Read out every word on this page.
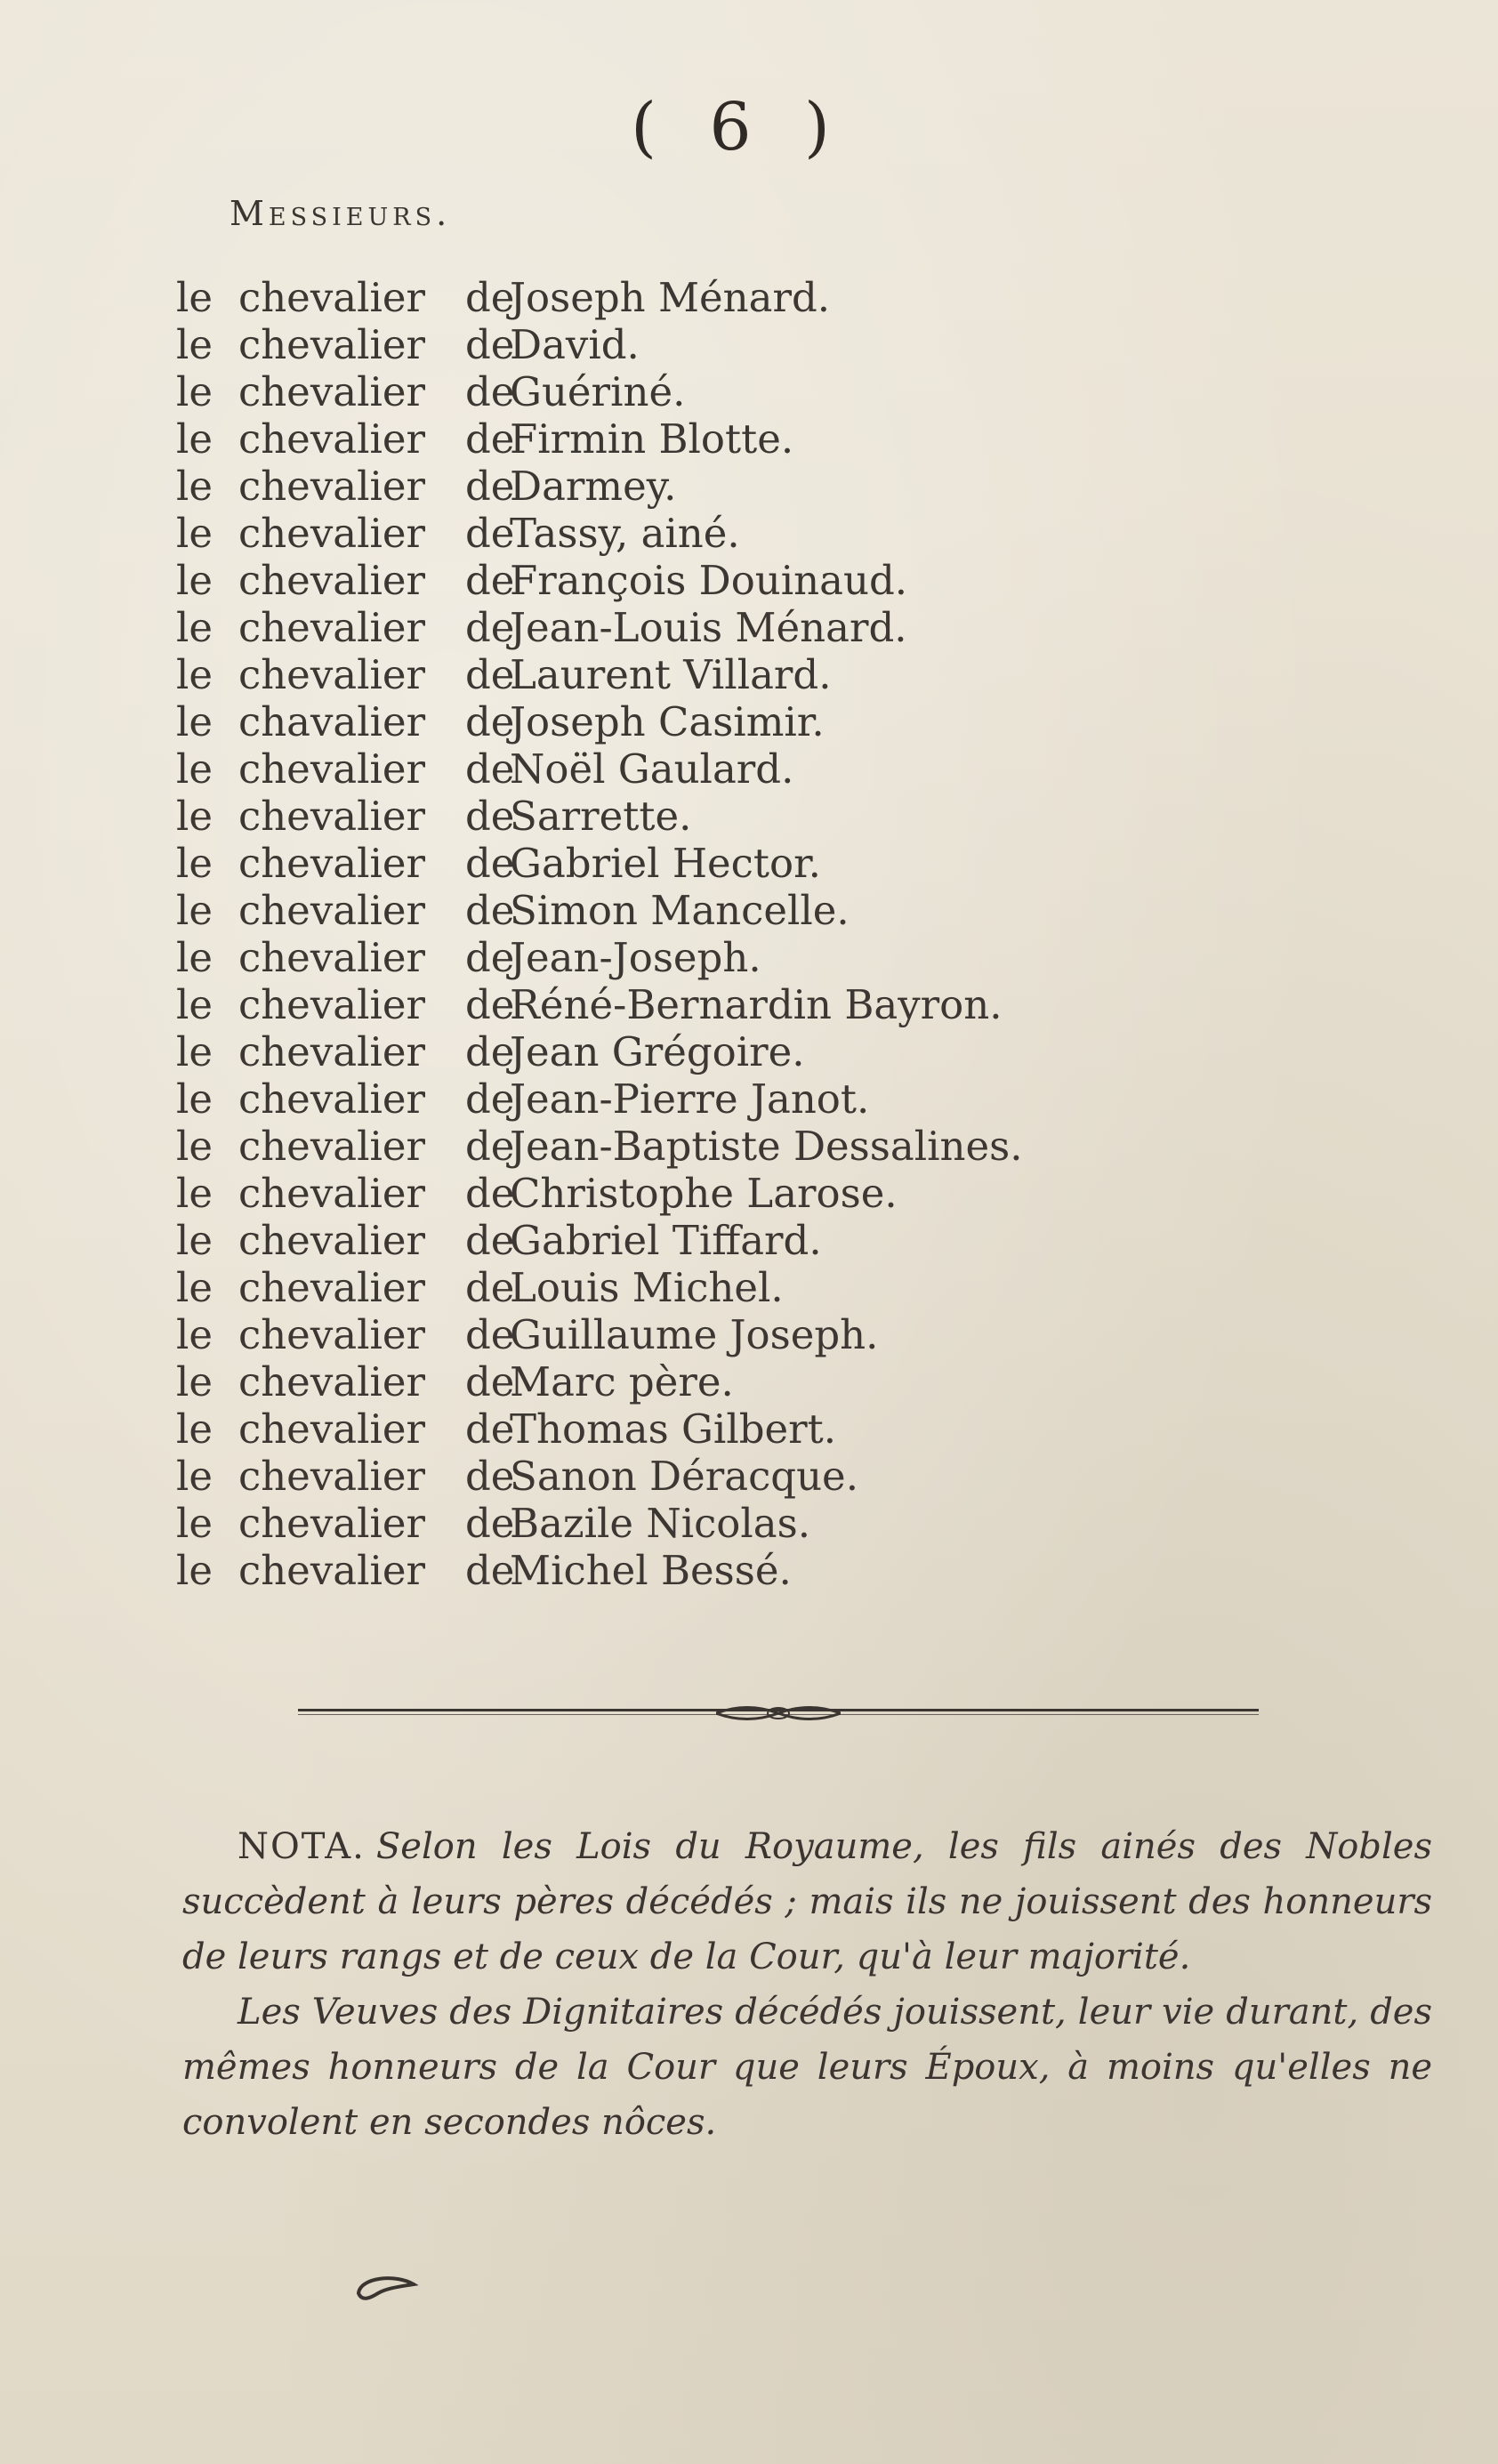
( 6 )
Messieurs.
le chevalier de
Joseph Ménard.
le chevalier de
David.
le chevalier de
Guériné.
le chevalier de
Firmin Blotte.
le chevalier de
Darmey.
le chevalier de
Tassy, ainé.
le chevalier de
François Douinaud.
le chevalier de
Jean-Louis Ménard.
le chevalier de
Laurent Villard.
le chavalier de
Joseph Casimir.
le chevalier de
Noël Gaulard.
le chevalier de
Sarrette.
le chevalier de
Gabriel Hector.
le chevalier de
Simon Mancelle.
le chevalier de
Jean-Joseph.
le chevalier de
Réné-Bernardin Bayron.
le chevalier de
Jean Grégoire.
le chevalier de
Jean-Pierre Janot.
le chevalier de
Jean-Baptiste Dessalines.
le chevalier de
Christophe Larose.
le chevalier de
Gabriel Tiffard.
le chevalier de
Louis Michel.
le chevalier de
Guillaume Joseph.
le chevalier de
Marc père.
le chevalier de
Thomas Gilbert.
le chevalier de
Sanon Déracque.
le chevalier de
Bazile Nicolas.
le chevalier de
Michel Bessé.

NOTA. Selon les Lois du Royaume, les fils ainés des Nobles succèdent à leurs pères décédés ; mais ils ne jouissent des honneurs de leurs rangs et de ceux de la Cour, qu'à leur majorité.

Les Veuves des Dignitaires décédés jouissent, leur vie durant, des mêmes honneurs de la Cour que leurs Époux, à moins qu'elles ne convolent en secondes nôces.
